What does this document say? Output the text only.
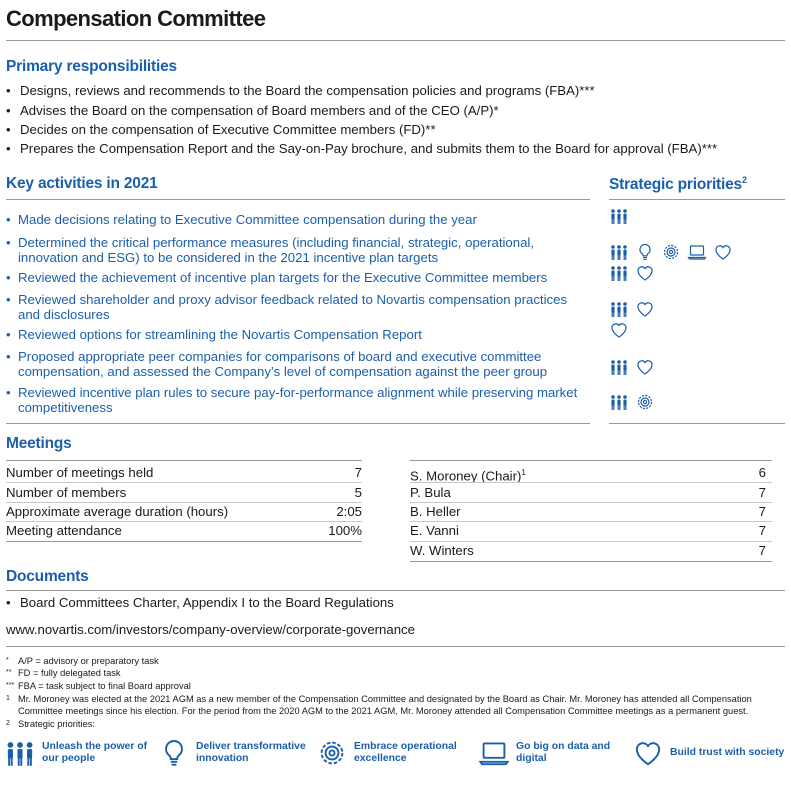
Compensation Committee
Primary responsibilities
• Designs, reviews and recommends to the Board the compensation policies and programs (FBA)***
• Advises the Board on the compensation of Board members and of the CEO (A/P)*
• Decides on the compensation of Executive Committee members (FD)**
• Prepares the Compensation Report and the Say-on-Pay brochure, and submits them to the Board for approval (FBA)***
Key activities in 2021	Strategic priorities$^2$
• Made decisions relating to Executive Committee compensation during the year
• Determined the critical performance measures (including financial, strategic, operational, innovation and ESG) to be considered in the 2021 incentive plan targets
• Reviewed the achievement of incentive plan targets for the Executive Committee members
• Reviewed shareholder and proxy advisor feedback related to Novartis compensation practices and disclosures
• Reviewed options for streamlining the Novartis Compensation Report
• Proposed appropriate peer companies for comparisons of board and executive committee compensation, and assessed the Company’s level of compensation against the peer group
• Reviewed incentive plan rules to secure pay-for-performance alignment while preserving market competitiveness
Meetings
Number of meetings held	7
Number of members	5
Approximate average duration (hours)	2:05
Meeting attendance	100%
S. Moroney (Chair)$^1$	6
P. Bula	7
B. Heller	7
E. Vanni	7
W. Winters	7
Documents
• Board Committees Charter, Appendix I to the Board Regulations
www.novartis.com/investors/company-overview/corporate-governance
* A/P = advisory or preparatory task
** FD = fully delegated task
*** FBA = task subject to final Board approval
1 Mr. Moroney was elected at the 2021 AGM as a new member of the Compensation Committee and designated by the Board as Chair. Mr. Moroney has attended all Compensation Committee meetings since his election. For the period from the 2020 AGM to the 2021 AGM, Mr. Moroney attended all Compensation Committee meetings as a permanent guest.
2 Strategic priorities:
Unleash the power of
our people
Deliver transformative
innovation
Embrace operational
excellence
Go big on data and
digital
Build trust with society
